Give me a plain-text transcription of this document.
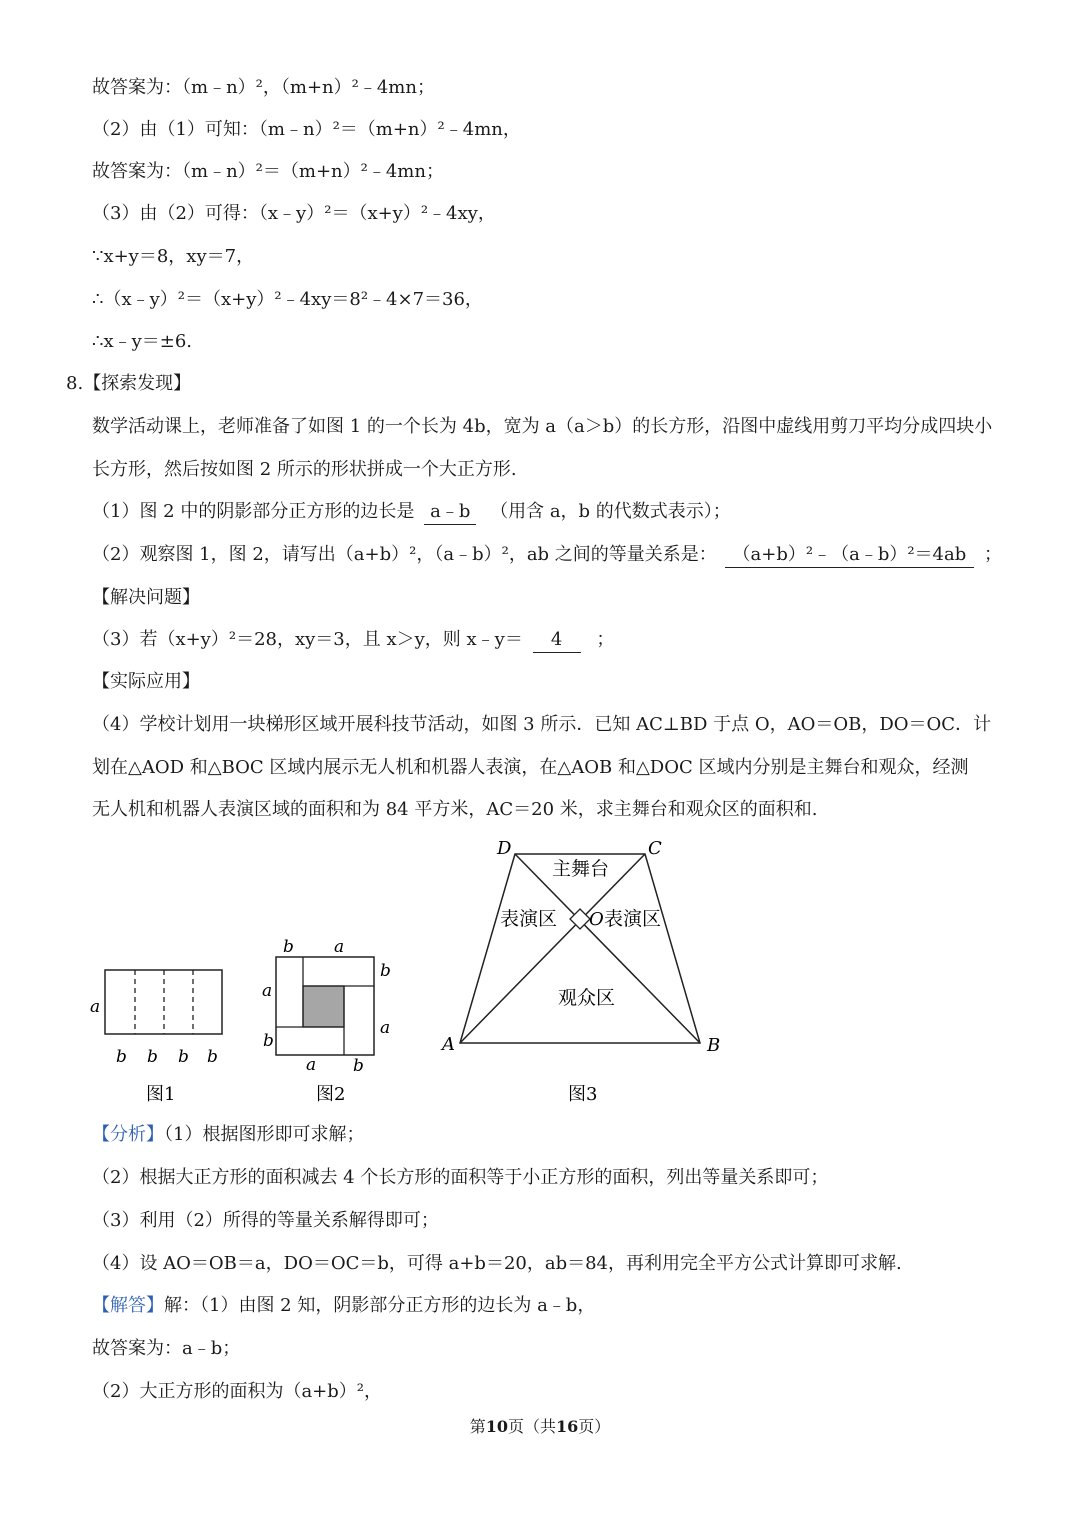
故答案为：（m﹣n）²，（m+n）²﹣4mn；
（2）由（1）可知：（m﹣n）²＝（m+n）²﹣4mn，
故答案为：（m﹣n）²＝（m+n）²﹣4mn；
（3）由（2）可得：（x﹣y）²＝（x+y）²﹣4xy，
∵x+y＝8，xy＝7，
∴（x﹣y）²＝（x+y）²﹣4xy＝8²﹣4×7＝36，
∴x﹣y＝±6.
8.【探索发现】
数学活动课上，老师准备了如图 1 的一个长为 4b，宽为 a（a＞b）的长方形，沿图中虚线用剪刀平均分成四块小
长方形，然后按如图 2 所示的形状拼成一个大正方形.
（1）图 2 中的阴影部分正方形的边长是 a﹣b （用含 a，b 的代数式表示）；
（2）观察图 1，图 2，请写出（a+b）²，（a﹣b）²，ab 之间的等量关系是： （a+b）²﹣（a﹣b）²＝4ab ；
【解决问题】
（3）若（x+y）²＝28，xy＝3，且 x＞y，则 x﹣y＝ 4 ；
【实际应用】
（4）学校计划用一块梯形区域开展科技节活动，如图 3 所示．已知 AC⊥BD 于点 O，AO＝OB，DO＝OC．计
划在△AOD 和△BOC 区域内展示无人机和机器人表演，在△AOB 和△DOC 区域内分别是主舞台和观众，经测
无人机和机器人表演区域的面积和为 84 平方米，AC＝20 米，求主舞台和观众区的面积和.
a
b b b b
图1
b a
b
a
a
b
a b
图2
D	C
A	B
O
主舞台
表演区 表演区
观众区
图3
【分析】（1）根据图形即可求解；
（2）根据大正方形的面积减去 4 个长方形的面积等于小正方形的面积，列出等量关系即可；
（3）利用（2）所得的等量关系解得即可；
（4）设 AO＝OB＝a，DO＝OC＝b，可得 a+b＝20，ab＝84，再利用完全平方公式计算即可求解.
【解答】解：（1）由图 2 知，阴影部分正方形的边长为 a﹣b，
故答案为：a﹣b；
（2）大正方形的面积为（a+b）²，
第10页（共16页）
